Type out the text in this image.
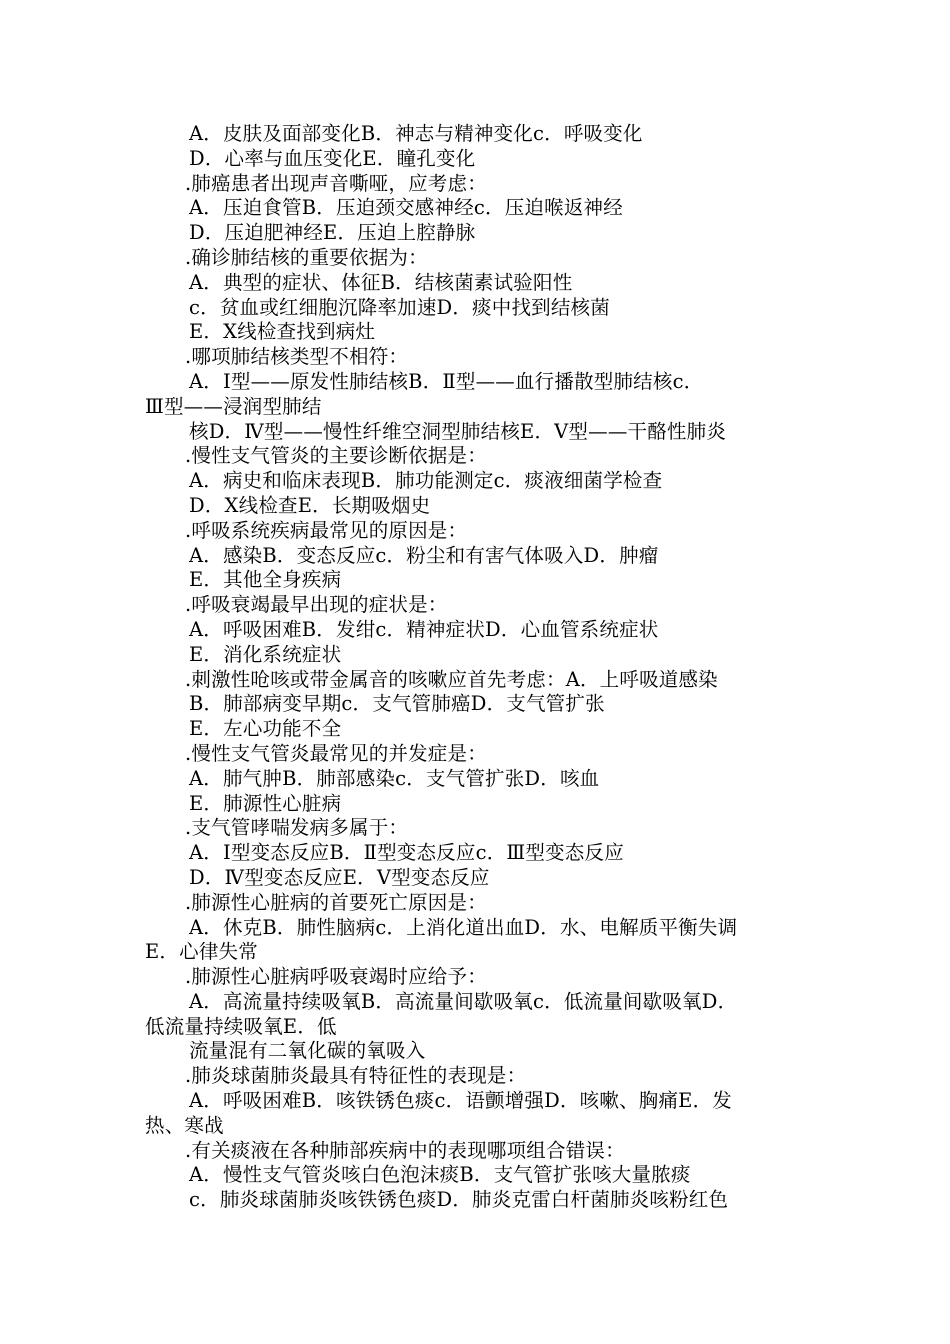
A．皮肤及面部变化B．神志与精神变化c．呼吸变化
D．心率与血压变化E．瞳孔变化
.肺癌患者出现声音嘶哑，应考虑：
A．压迫食管B．压迫颈交感神经c．压迫喉返神经
D．压迫肥神经E．压迫上腔静脉
.确诊肺结核的重要依据为：
A．典型的症状、体征B．结核菌素试验阳性
c．贫血或红细胞沉降率加速D．痰中找到结核菌
E．X线检查找到病灶
.哪项肺结核类型不相符：
A．Ⅰ型——原发性肺结核B．Ⅱ型——血行播散型肺结核c．
Ⅲ型——浸润型肺结
核D．Ⅳ型——慢性纤维空洞型肺结核E．Ⅴ型——干酪性肺炎
.慢性支气管炎的主要诊断依据是：
A．病史和临床表现B．肺功能测定c．痰液细菌学检查
D．X线检查E．长期吸烟史
.呼吸系统疾病最常见的原因是：
A．感染B．变态反应c．粉尘和有害气体吸入D．肿瘤
E．其他全身疾病
.呼吸衰竭最早出现的症状是：
A．呼吸困难B．发绀c．精神症状D．心血管系统症状
E．消化系统症状
.刺激性呛咳或带金属音的咳嗽应首先考虑：A．上呼吸道感染
B．肺部病变早期c．支气管肺癌D．支气管扩张
E．左心功能不全
.慢性支气管炎最常见的并发症是：
A．肺气肿B．肺部感染c．支气管扩张D．咳血
E．肺源性心脏病
.支气管哮喘发病多属于：
A．Ⅰ型变态反应B．Ⅱ型变态反应c．Ⅲ型变态反应
D．Ⅳ型变态反应E．Ⅴ型变态反应
.肺源性心脏病的首要死亡原因是：
A．休克B．肺性脑病c．上消化道出血D．水、电解质平衡失调
E．心律失常
.肺源性心脏病呼吸衰竭时应给予：
A．高流量持续吸氧B．高流量间歇吸氧c．低流量间歇吸氧D．
低流量持续吸氧E．低
流量混有二氧化碳的氧吸入
.肺炎球菌肺炎最具有特征性的表现是：
A．呼吸困难B．咳铁锈色痰c．语颤增强D．咳嗽、胸痛E．发
热、寒战
.有关痰液在各种肺部疾病中的表现哪项组合错误：
A．慢性支气管炎咳白色泡沫痰B．支气管扩张咳大量脓痰
c．肺炎球菌肺炎咳铁锈色痰D．肺炎克雷白杆菌肺炎咳粉红色
